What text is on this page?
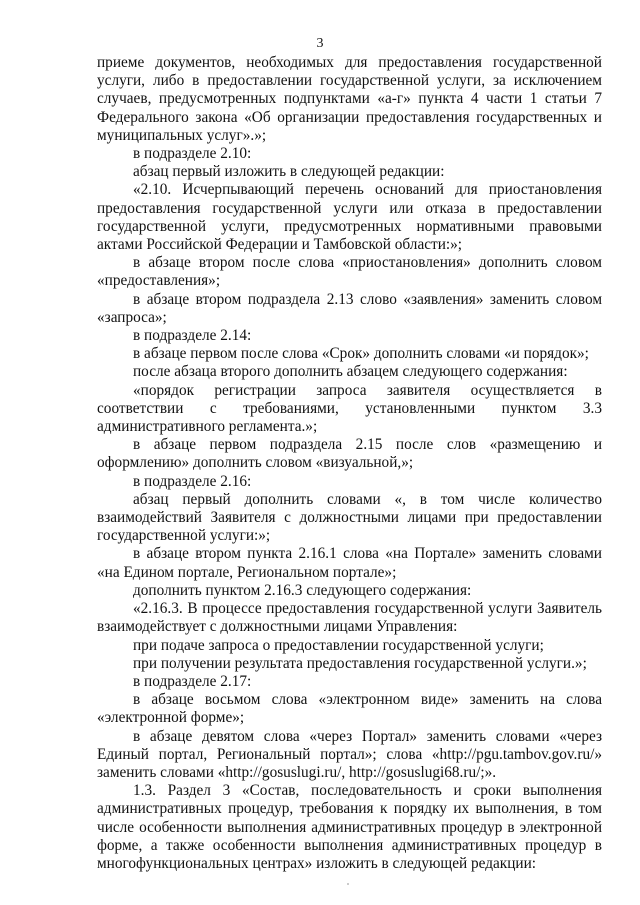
3

приеме документов, необходимых для предоставления государственной услуги, либо в предоставлении государственной услуги, за исключением случаев, предусмотренных подпунктами «а-г» пункта 4 части 1 статьи 7 Федерального закона «Об организации предоставления государственных и муниципальных услуг».»;

в подразделе 2.10:

абзац первый изложить в следующей редакции:

«2.10. Исчерпывающий перечень оснований для приостановления предоставления государственной услуги или отказа в предоставлении государственной услуги, предусмотренных нормативными правовыми актами Российской Федерации и Тамбовской области:»;

в абзаце втором после слова «приостановления» дополнить словом «предоставления»;

в абзаце втором подраздела 2.13 слово «заявления» заменить словом «запроса»;

в подразделе 2.14:

в абзаце первом после слова «Срок» дополнить словами «и порядок»;

после абзаца второго дополнить абзацем следующего содержания:

«порядок регистрации запроса заявителя осуществляется в соответствии с требованиями, установленными пунктом 3.3 административного регламента.»;

в абзаце первом подраздела 2.15 после слов «размещению и оформлению» дополнить словом «визуальной,»;

в подразделе 2.16:

абзац первый дополнить словами «, в том числе количество взаимодействий Заявителя с должностными лицами при предоставлении государственной услуги:»;

в абзаце втором пункта 2.16.1 слова «на Портале» заменить словами «на Едином портале, Региональном портале»;

дополнить пунктом 2.16.3 следующего содержания:

«2.16.3. В процессе предоставления государственной услуги Заявитель взаимодействует с должностными лицами Управления:

при подаче запроса о предоставлении государственной услуги;

при получении результата предоставления государственной услуги.»;

в подразделе 2.17:

в абзаце восьмом слова «электронном виде» заменить на слова «электронной форме»;

в абзаце девятом слова «через Портал» заменить словами «через Единый портал, Региональный портал»; слова «http://pgu.tambov.gov.ru/» заменить словами «http://gosuslugi.ru/, http://gosuslugi68.ru/;».

1.3. Раздел 3 «Состав, последовательность и сроки выполнения административных процедур, требования к порядку их выполнения, в том числе особенности выполнения административных процедур в электронной форме, а также особенности выполнения административных процедур в многофункциональных центрах» изложить в следующей редакции:
